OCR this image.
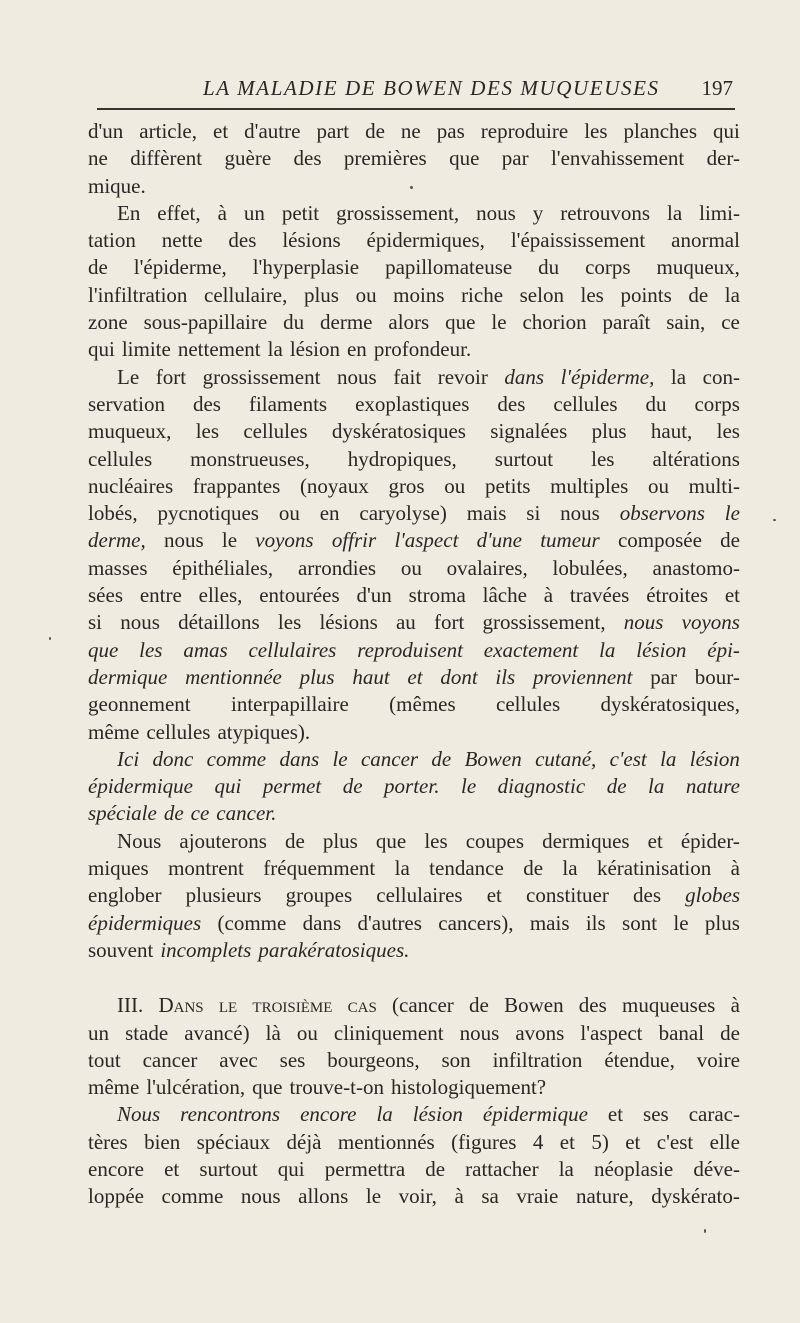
LA MALADIE DE BOWEN DES MUQUEUSES 197
d'un article, et d'autre part de ne pas reproduire les planches qui
ne diffèrent guère des premières que par l'envahissement der-
mique.
En effet, à un petit grossissement, nous y retrouvons la limi-
tation nette des lésions épidermiques, l'épaississement anormal
de l'épiderme, l'hyperplasie papillomateuse du corps muqueux,
l'infiltration cellulaire, plus ou moins riche selon les points de la
zone sous-papillaire du derme alors que le chorion paraît sain, ce
qui limite nettement la lésion en profondeur.
Le fort grossissement nous fait revoir dans l'épiderme, la con-
servation des filaments exoplastiques des cellules du corps
muqueux, les cellules dyskératosiques signalées plus haut, les
cellules monstrueuses, hydropiques, surtout les altérations
nucléaires frappantes (noyaux gros ou petits multiples ou multi-
lobés, pycnotiques ou en caryolyse) mais si nous observons le
derme, nous le voyons offrir l'aspect d'une tumeur composée de
masses épithéliales, arrondies ou ovalaires, lobulées, anastomo-
sées entre elles, entourées d'un stroma lâche à travées étroites et
si nous détaillons les lésions au fort grossissement, nous voyons
que les amas cellulaires reproduisent exactement la lésion épi-
dermique mentionnée plus haut et dont ils proviennent par bour-
geonnement interpapillaire (mêmes cellules dyskératosiques,
même cellules atypiques).
Ici donc comme dans le cancer de Bowen cutané, c'est la lésion
épidermique qui permet de porter. le diagnostic de la nature
spéciale de ce cancer.
Nous ajouterons de plus que les coupes dermiques et épider-
miques montrent fréquemment la tendance de la kératinisation à
englober plusieurs groupes cellulaires et constituer des globes
épidermiques (comme dans d'autres cancers), mais ils sont le plus
souvent incomplets parakératosiques.
III. Dans le troisième cas (cancer de Bowen des muqueuses à
un stade avancé) là ou cliniquement nous avons l'aspect banal de
tout cancer avec ses bourgeons, son infiltration étendue, voire
même l'ulcération, que trouve-t-on histologiquement?
Nous rencontrons encore la lésion épidermique et ses carac-
tères bien spéciaux déjà mentionnés (figures 4 et 5) et c'est elle
encore et surtout qui permettra de rattacher la néoplasie déve-
loppée comme nous allons le voir, à sa vraie nature, dyskérato-
